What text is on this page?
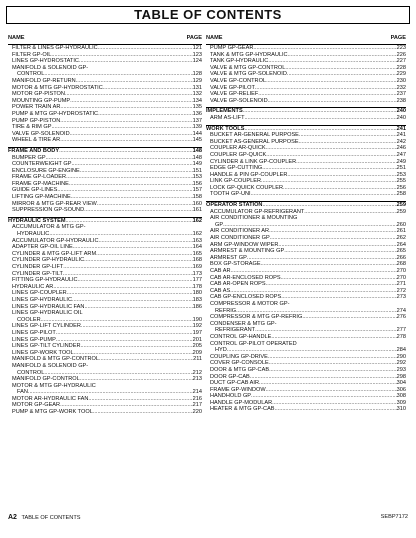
TABLE OF CONTENTS
NAME	PAGE
FILTER & LINES GP-HYDRAULIC .....	121
FILTER GP-OIL .....	123
LINES GP-HYDROSTATIC .....	124
MANIFOLD & SOLENOID GP-
CONTROL .....	128
MANIFOLD GP-RETURN .....	129
MOTOR & MTG GP-HYDROSTATIC .....	131
MOTOR GP-PISTON .....	132
MOUNTING GP-PUMP .....	134
POWER TRAIN AR .....	135
PUMP & MTG GP-HYDROSTATIC .....	136
PUMP GP-PISTON .....	137
TIRE & RIM GP .....	139
VALVE GP-SOLENOID .....	144
WHEEL & TIRE AR .....	145
FRAME AND BODY .....	148
BUMPER GP .....	148
COUNTERWEIGHT GP .....	149
ENCLOSURE GP-ENGINE .....	151
FRAME GP-LOADER .....	153
FRAME GP-MACHINE .....	156
GUIDE GP-LINES .....	157
LIFTING GP-MACHINE .....	158
MIRROR & MTG GP-REAR VIEW .....	160
SUPPRESSION GP-SOUND .....	161
HYDRAULIC SYSTEM .....	162
ACCUMULATOR & MTG GP-
HYDRAULIC .....	162
ACCUMULATOR GP-HYDRAULIC .....	163
ADAPTER GP-OIL LINE .....	164
CYLINDER & MTG GP-LIFT ARM .....	165
CYLINDER GP-HYDRAULIC .....	168
CYLINDER GP-LIFT .....	169
CYLINDER GP-TILT .....	173
FITTING GP-HYDRAULIC .....	177
HYDRAULIC AR .....	178
LINES GP-COUPLER .....	180
LINES GP-HYDRAULIC .....	183
LINES GP-HYDRAULIC FAN .....	186
LINES GP-HYDRAULIC OIL
COOLER .....	190
LINES GP-LIFT CYLINDER .....	192
LINES GP-PILOT .....	197
LINES GP-PUMP .....	201
LINES GP-TILT CYLINDER .....	205
LINES GP-WORK TOOL .....	209
MANIFOLD & MTG GP-CONTROL .....	211
MANIFOLD & SOLENOID GP-
CONTROL .....	212
MANIFOLD GP-CONTROL .....	213
MOTOR & MTG GP-HYDRAULIC
FAN .....	214
MOTOR AR-HYDRAULIC FAN .....	216
MOTOR GP-GEAR .....	217
PUMP & MTG GP-WORK TOOL .....	220
NAME	PAGE
PUMP GP-GEAR .....	223
TANK & MTG GP-HYDRAULIC .....	226
TANK GP-HYDRAULIC .....	227
VALVE & MTG GP-CONTROL .....	228
VALVE & MTG GP-SOLENOID .....	229
VALVE GP-CONTROL .....	230
VALVE GP-PILOT .....	232
VALVE GP-RELIEF .....	237
VALVE GP-SOLENOID .....	238
IMPLEMENTS .....	240
ARM AS-LIFT .....	240
WORK TOOLS .....	241
BUCKET AR-GENERAL PURPOSE .....	241
BUCKET AS-GENERAL PURPOSE .....	242
COUPLER AR-QUICK .....	246
COUPLER GP-QUICK .....	247
CYLINDER & LINK GP-COUPLER .....	249
EDGE GP-CUTTING .....	251
HANDLE & PIN GP-COUPLER .....	253
LINK GP-COUPLER .....	255
LOCK GP-QUICK COUPLER .....	256
TOOTH GP-UNI .....	258
OPERATOR STATION .....	259
ACCUMULATOR GP-REFRIGERANT .....	259
AIR CONDITIONER & MOUNTING
GP .....	260
AIR CONDITIONER AR .....	261
AIR CONDITIONER GP .....	262
ARM GP-WINDOW WIPER .....	264
ARMREST & MOUNTING GP .....	265
ARMREST GP .....	266
BOX GP-STORAGE .....	268
CAB AR .....	270
CAB AR-ENCLOSED ROPS .....	270
CAB AR-OPEN ROPS .....	271
CAB AS .....	272
CAB GP-ENCLOSED ROPS .....	273
COMPRESSOR & MOTOR GP-
REFRIG .....	274
COMPRESSOR & MTG GP-REFRIG .....	276
CONDENSER & MTG GP-
REFRIGERANT .....	277
CONTROL GP-HANDLE .....	278
CONTROL GP-PILOT OPERATED
HYD .....	284
COUPLING GP-DRIVE .....	290
COVER GP-CONSOLE .....	292
DOOR & MTG GP-CAB .....	293
DOOR GP-CAB .....	298
DUCT GP-CAB AIR .....	304
FRAME GP-WINDOW .....	306
HANDHOLD GP .....	308
HANDLE GP-MODULAR .....	309
HEATER & MTG GP-CAB .....	310
A2 TABLE OF CONTENTS	SEBP7172
